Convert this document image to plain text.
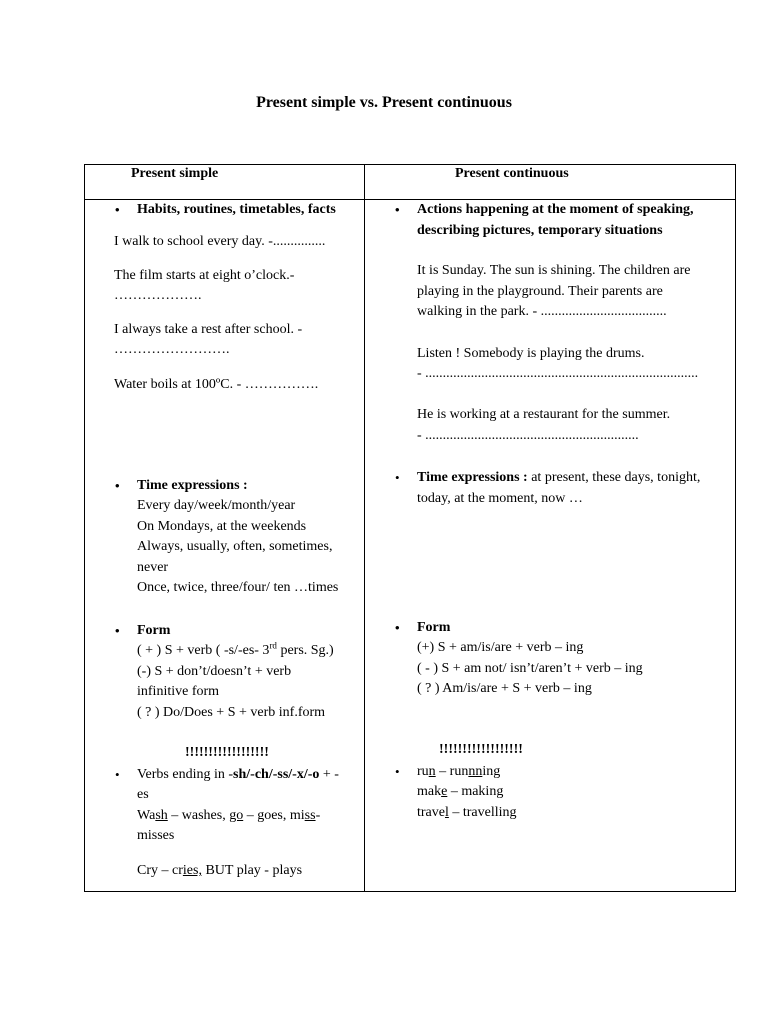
Present simple vs. Present continuous
Present simple	Present continuous
• Habits, routines, timetables, facts
I walk to school every day. -...............
The film starts at eight o’clock.-
……………….
I always take a rest after school. -
…………………….
Water boils at 100ºC. - …………….
• Time expressions :
Every day/week/month/year
On Mondays, at the weekends
Always, usually, often, sometimes,
never
Once, twice, three/four/ ten …times
• Form
( + ) S + verb ( -s/-es- 3rd pers. Sg.)
(-) S + don’t/doesn’t + verb
infinitive form
( ? ) Do/Does + S + verb inf.form
!!!!!!!!!!!!!!!!!!
• Verbs ending in -sh/-ch/-ss/-x/-o + -
es
Wash – washes, go – goes, miss-
misses
Cry – cries, BUT play - plays
• Actions happening at the moment of speaking,
describing pictures, temporary situations
It is Sunday. The sun is shining. The children are
playing in the playground. Their parents are
walking in the park. - ....................................
Listen ! Somebody is playing the drums.
- ..............................................................................
He is working at a restaurant for the summer.
- .............................................................
• Time expressions : at present, these days, tonight,
today, at the moment, now …
• Form
(+) S + am/is/are + verb – ing
( - ) S + am not/ isn’t/aren’t + verb – ing
( ? ) Am/is/are + S + verb – ing
!!!!!!!!!!!!!!!!!!
• run – runnning
make – making
travel – travelling
